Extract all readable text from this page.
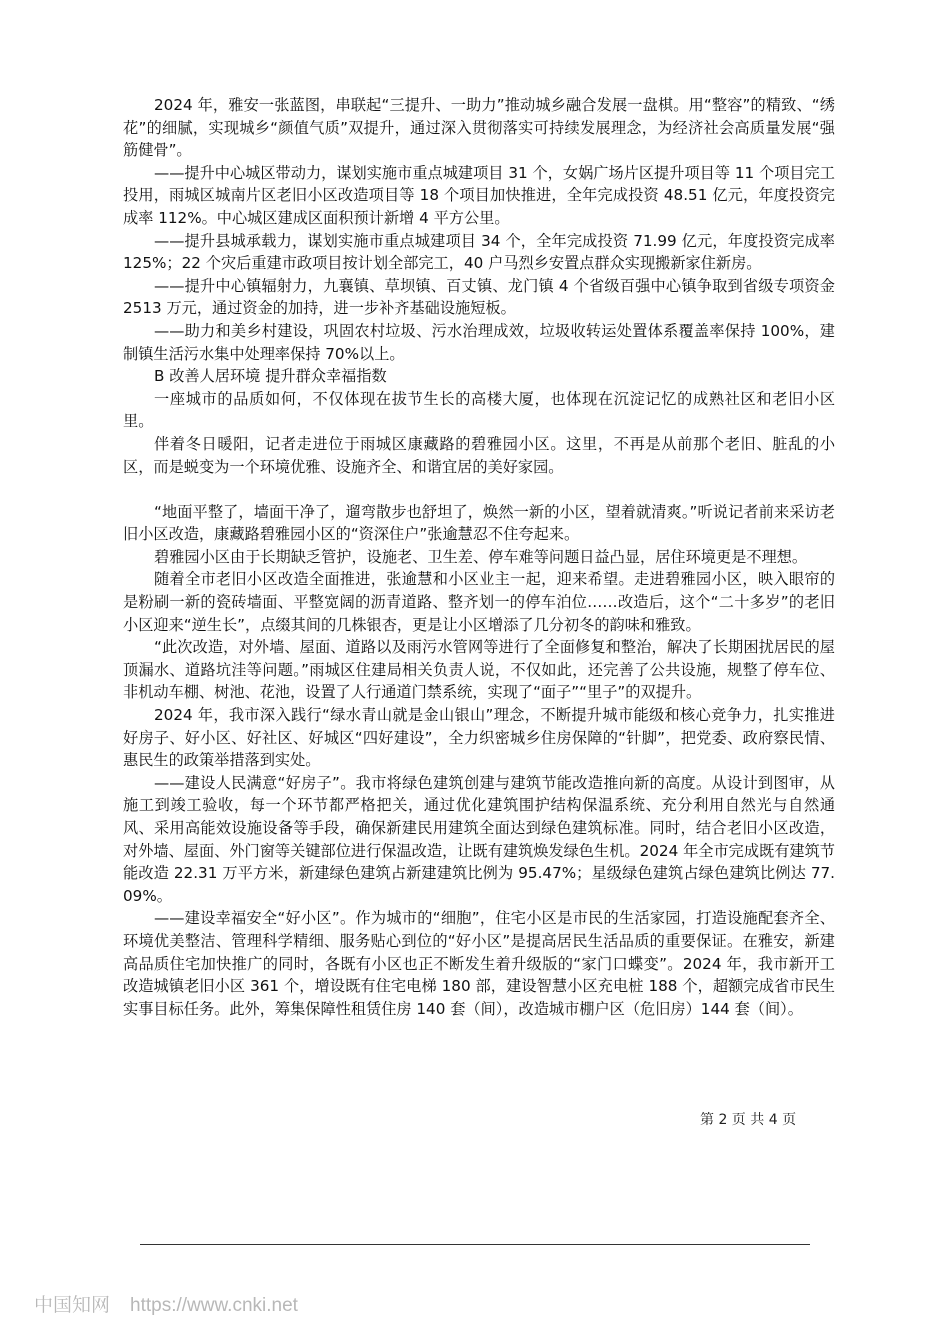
2024 年，雅安一张蓝图，串联起“三提升、一助力”推动城乡融合发展一盘棋。用“整容”的精致、“绣花”的细腻，实现城乡“颜值气质”双提升，通过深入贯彻落实可持续发展理念，为经济社会高质量发展“强筋健骨”。

——提升中心城区带动力，谋划实施市重点城建项目 31 个，女娲广场片区提升项目等 11 个项目完工投用，雨城区城南片区老旧小区改造项目等 18 个项目加快推进，全年完成投资 48.51 亿元，年度投资完成率 112%。中心城区建成区面积预计新增 4 平方公里。

——提升县城承载力，谋划实施市重点城建项目 34 个，全年完成投资 71.99 亿元，年度投资完成率 125%；22 个灾后重建市政项目按计划全部完工，40 户马烈乡安置点群众实现搬新家住新房。

——提升中心镇辐射力，九襄镇、草坝镇、百丈镇、龙门镇 4 个省级百强中心镇争取到省级专项资金 2513 万元，通过资金的加持，进一步补齐基础设施短板。

——助力和美乡村建设，巩固农村垃圾、污水治理成效，垃圾收转运处置体系覆盖率保持 100%，建制镇生活污水集中处理率保持 70%以上。

B 改善人居环境 提升群众幸福指数

一座城市的品质如何，不仅体现在拔节生长的高楼大厦，也体现在沉淀记忆的成熟社区和老旧小区里。

伴着冬日暖阳，记者走进位于雨城区康藏路的碧雅园小区。这里，不再是从前那个老旧、脏乱的小区，而是蜕变为一个环境优雅、设施齐全、和谐宜居的美好家园。

“地面平整了，墙面干净了，遛弯散步也舒坦了，焕然一新的小区，望着就清爽。”听说记者前来采访老旧小区改造，康藏路碧雅园小区的“资深住户”张逾慧忍不住夸起来。

碧雅园小区由于长期缺乏管护，设施老、卫生差、停车难等问题日益凸显，居住环境更是不理想。

随着全市老旧小区改造全面推进，张逾慧和小区业主一起，迎来希望。走进碧雅园小区，映入眼帘的是粉刷一新的瓷砖墙面、平整宽阔的沥青道路、整齐划一的停车泊位……改造后，这个“二十多岁”的老旧小区迎来“逆生长”，点缀其间的几株银杏，更是让小区增添了几分初冬的韵味和雅致。

“此次改造，对外墙、屋面、道路以及雨污水管网等进行了全面修复和整治，解决了长期困扰居民的屋顶漏水、道路坑洼等问题。”雨城区住建局相关负责人说，不仅如此，还完善了公共设施，规整了停车位、非机动车棚、树池、花池，设置了人行通道门禁系统，实现了“面子”“里子”的双提升。

2024 年，我市深入践行“绿水青山就是金山银山”理念，不断提升城市能级和核心竞争力，扎实推进好房子、好小区、好社区、好城区“四好建设”，全力织密城乡住房保障的“针脚”，把党委、政府察民情、惠民生的政策举措落到实处。

——建设人民满意“好房子”。我市将绿色建筑创建与建筑节能改造推向新的高度。从设计到图审，从施工到竣工验收，每一个环节都严格把关，通过优化建筑围护结构保温系统、充分利用自然光与自然通风、采用高能效设施设备等手段，确保新建民用建筑全面达到绿色建筑标准。同时，结合老旧小区改造，对外墙、屋面、外门窗等关键部位进行保温改造，让既有建筑焕发绿色生机。2024 年全市完成既有建筑节能改造 22.31 万平方米，新建绿色建筑占新建建筑比例为 95.47%；星级绿色建筑占绿色建筑比例达 77.09%。

——建设幸福安全“好小区”。作为城市的“细胞”，住宅小区是市民的生活家园，打造设施配套齐全、环境优美整洁、管理科学精细、服务贴心到位的“好小区”是提高居民生活品质的重要保证。在雅安，新建高品质住宅加快推广的同时，各既有小区也正不断发生着升级版的“家门口蝶变”。2024 年，我市新开工改造城镇老旧小区 361 个，增设既有住宅电梯 180 部，建设智慧小区充电桩 188 个，超额完成省市民生实事目标任务。此外，筹集保障性租赁住房 140 套（间），改造城市棚户区（危旧房）144 套（间）。

第 2 页 共 4 页
中国知网 https://www.cnki.net
